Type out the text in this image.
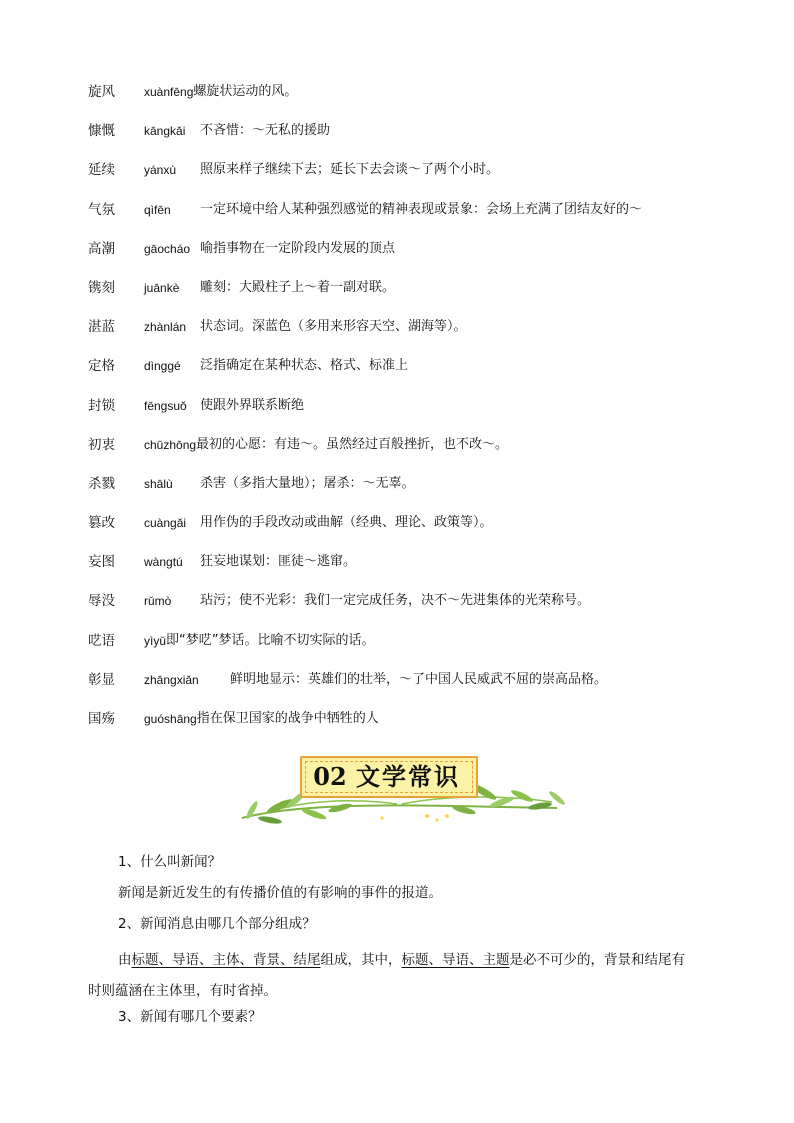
旋风	xuànfēng 螺旋状运动的风。
慷慨	kāngkǎi	不吝惜：～无私的援助
延续	yánxù	照原来样子继续下去；延长下去会谈～了两个小时。
气氛	qìfēn	一定环境中给人某种强烈感觉的精神表现或景象：会场上充满了团结友好的～
高潮	gāocháo 喻指事物在一定阶段内发展的顶点
镌刻	juānkè	雕刻：大殿柱子上～着一副对联。
湛蓝	zhànlán	状态词。深蓝色（多用来形容天空、湖海等）。
定格	dìnggé	泛指确定在某种状态、格式、标准上
封锁	fēngsuǒ	使跟外界联系断绝
初衷	chūzhōng 最初的心愿：有违～。虽然经过百般挫折，也不改～。
杀戮	shālù	杀害（多指大量地）；屠杀：～无辜。
篡改	cuàngǎi	用作伪的手段改动或曲解（经典、理论、政策等）。
妄图	wàngtú	狂妄地谋划：匪徒～逃窜。
辱没	rǔmò	玷污；使不光彩：我们一定完成任务，决不～先进集体的光荣称号。
呓语	yìyǔ 即“梦呓”梦话。比喻不切实际的话。
彰显	zhāngxiǎn	鲜明地显示：英雄们的壮举，～了中国人民威武不屈的崇高品格。
国殇	guóshāng 指在保卫国家的战争中牺牲的人
02 文学常识
1、什么叫新闻？
新闻是新近发生的有传播价值的有影响的事件的报道。
2、新闻消息由哪几个部分组成？
由标题、导语、主体、背景、结尾组成，其中，标题、导语、主题是必不可少的，背景和结尾有
时则蕴涵在主体里，有时省掉。
3、新闻有哪几个要素？
